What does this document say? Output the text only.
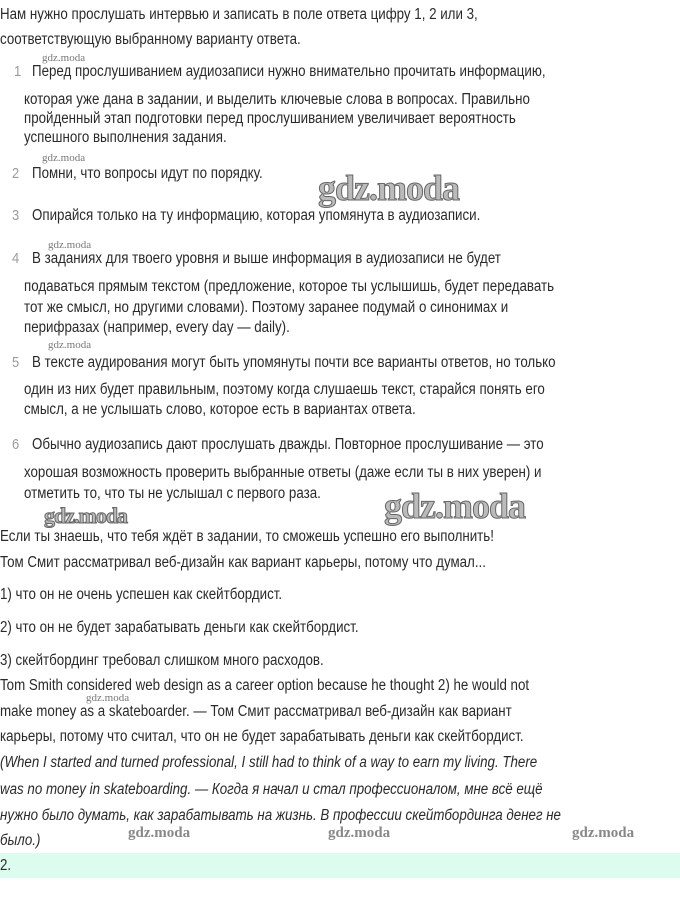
Нам нужно прослушать интервью и записать в поле ответа цифру 1, 2 или 3,
соответствующую выбранному варианту ответа.
gdz.moda
1 Перед прослушиванием аудиозаписи нужно внимательно прочитать информацию,
которая уже дана в задании, и выделить ключевые слова в вопросах. Правильно
пройденный этап подготовки перед прослушиванием увеличивает вероятность
успешного выполнения задания.
gdz.moda
2 Помни, что вопросы идут по порядку. gdz.moda
3 Опирайся только на ту информацию, которая упомянута в аудиозаписи.
gdz.moda
4 В заданиях для твоего уровня и выше информация в аудиозаписи не будет
подаваться прямым текстом (предложение, которое ты услышишь, будет передавать
тот же смысл, но другими словами). Поэтому заранее подумай о синонимах и
перифразах (например, every day — daily).
gdz.moda
5 В тексте аудирования могут быть упомянуты почти все варианты ответов, но только
один из них будет правильным, поэтому когда слушаешь текст, старайся понять его
смысл, а не услышать слово, которое есть в вариантах ответа.
6 Обычно аудиозапись дают прослушать дважды. Повторное прослушивание — это
хорошая возможность проверить выбранные ответы (даже если ты в них уверен) и
отметить то, что ты не услышал с первого раза. gdz.moda
gdz.moda
Если ты знаешь, что тебя ждёт в задании, то сможешь успешно его выполнить!
Том Смит рассматривал веб-дизайн как вариант карьеры, потому что думал...
1) что он не очень успешен как скейтбордист.
2) что он не будет зарабатывать деньги как скейтбордист.
3) скейтбординг требовал слишком много расходов.
Tom Smith considered web design as a career option because he thought 2) he would not
gdz.moda
make money as a skateboarder. — Том Смит рассматривал веб-дизайн как вариант
карьеры, потому что считал, что он не будет зарабатывать деньги как скейтбордист.
(When I started and turned professional, I still had to think of a way to earn my living. There
was no money in skateboarding. — Когда я начал и стал профессионалом, мне всё ещё
нужно было думать, как зарабатывать на жизнь. В профессии скейтбординга денег не
было.)	gdz.moda	gdz.moda	gdz.moda
2.
